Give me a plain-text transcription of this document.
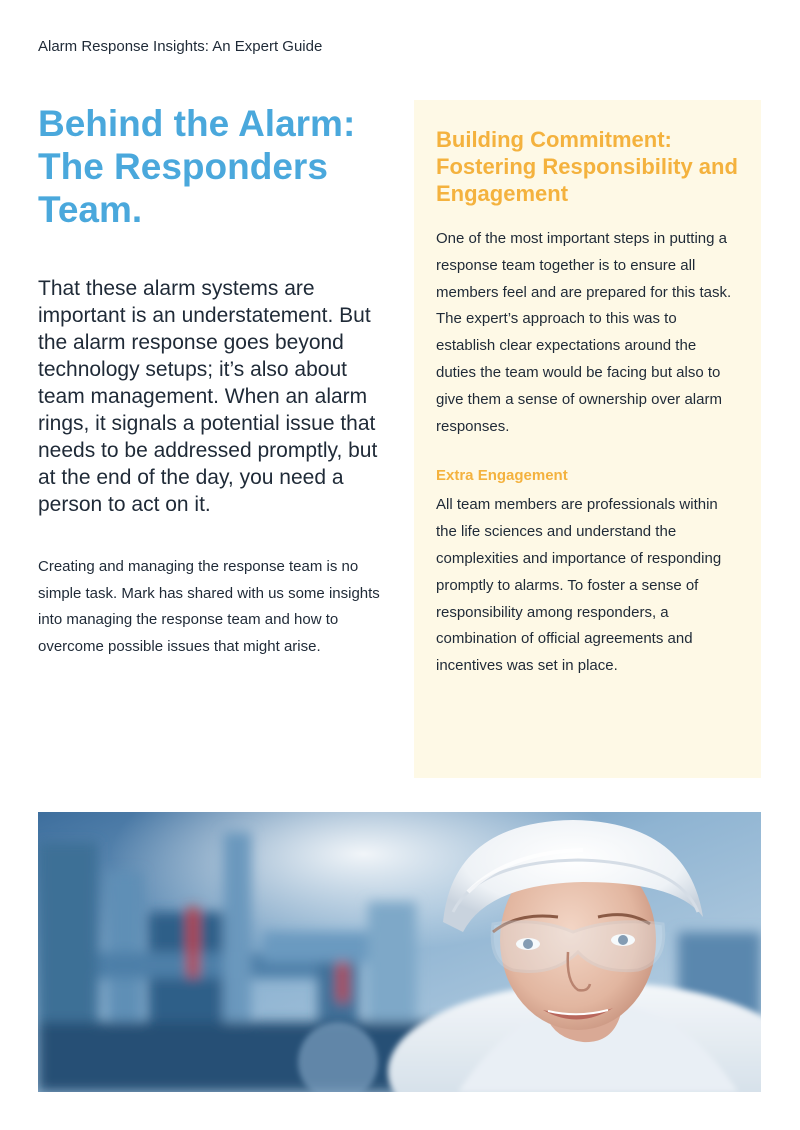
Alarm Response Insights: An Expert Guide
Behind the Alarm: The Responders Team.

That these alarm systems are important is an understatement. But the alarm response goes beyond technology setups; it’s also about team management. When an alarm rings, it signals a potential issue that needs to be addressed promptly, but at the end of the day, you need a person to act on it.

Creating and managing the response team is no simple task. Mark has shared with us some insights into managing the response team and how to overcome possible issues that might arise.

Building Commitment: Fostering Responsibility and Engagement

One of the most important steps in putting a response team together is to ensure all members feel and are prepared for this task. The expert’s approach to this was to establish clear expectations around the duties the team would be facing but also to give them a sense of ownership over alarm responses.

Extra Engagement

All team members are professionals within the life sciences and understand the complexities and importance of responding promptly to alarms. To foster a sense of responsibility among responders, a combination of official agreements and incentives was set in place.
